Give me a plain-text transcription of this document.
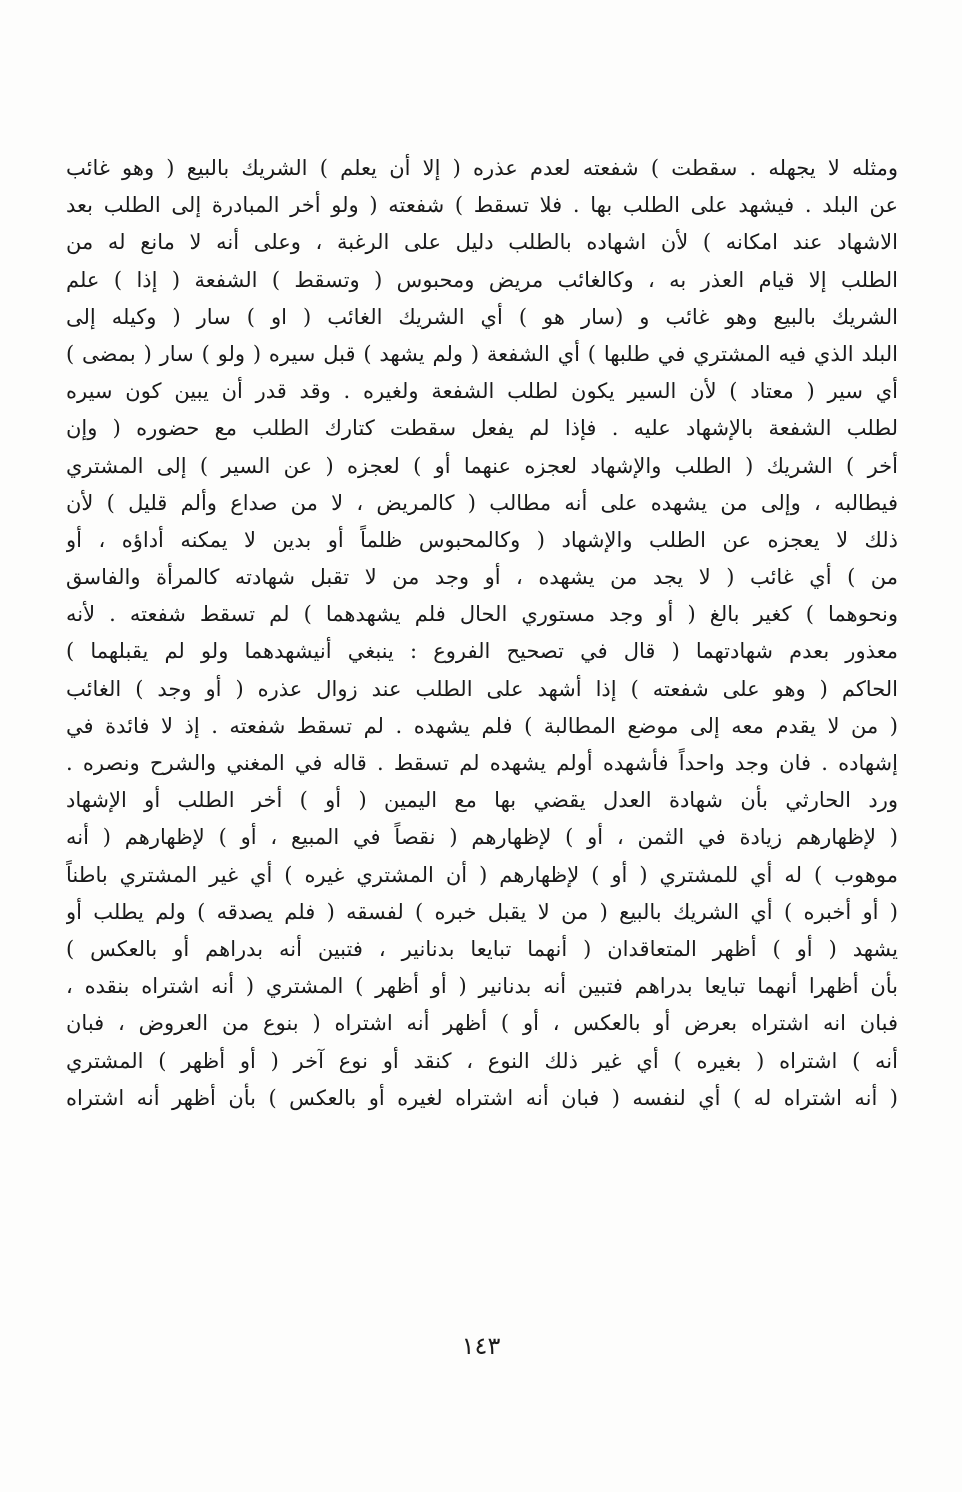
ومثله لا يجهله . سقطت ) شفعته لعدم عذره ( إلا أن يعلم ) الشريك بالبيع ( وهو غائب
عن البلد . فيشهد على الطلب بها . فلا تسقط ) شفعته ( ولو أخر المبادرة إلى الطلب بعد
الاشهاد عند امكانه ) لأن اشهاده بالطلب دليل على الرغبة ، وعلى أنه لا مانع له من
الطلب إلا قيام العذر به ، وكالغائب مريض ومحبوس ( وتسقط ) الشفعة ( إذا ) علم
الشريك بالبيع وهو غائب و (سار هو ) أي الشريك الغائب ( او ) سار ( وكيله إلى
البلد الذي فيه المشتري في طلبها ) أي الشفعة ( ولم يشهد ) قبل سيره ( ولو ) سار ( بمضى )
أي سير ( معتاد ) لأن السير يكون لطلب الشفعة ولغيره . وقد قدر أن يبين كون سيره
لطلب الشفعة بالإشهاد عليه . فإذا لم يفعل سقطت كتارك الطلب مع حضوره ( وإن
أخر ) الشريك ( الطلب والإشهاد لعجزه عنهما أو ) لعجزه ( عن السير ) إلى المشتري
فيطالبه ، وإلى من يشهده على أنه مطالب ( كالمريض ، لا من صداع وألم قليل ) لأن
ذلك لا يعجزه عن الطلب والإشهاد ( وكالمحبوس ظلماً أو بدين لا يمكنه أداؤه ، أو
من ) أي غائب ( لا يجد من يشهده ، أو وجد من لا تقبل شهادته كالمرأة والفاسق
ونحوهما ) كغير بالغ ( أو وجد مستوري الحال فلم يشهدهما ) لم تسقط شفعته . لأنه
معذور بعدم شهادتهما ( قال في تصحيح الفروع : ينبغي أنيشهدهما ولو لم يقبلهما )
الحاكم ( وهو على شفعته ) إذا أشهد على الطلب عند زوال عذره ( أو وجد ) الغائب
( من لا يقدم معه إلى موضع المطالبة ) فلم يشهده . لم تسقط شفعته . إذ لا فائدة في
إشهاده . فان وجد واحداً فأشهده أولم يشهده لم تسقط . قاله في المغني والشرح ونصره .
ورد الحارثي بأن شهادة العدل يقضي بها مع اليمين ( أو ) أخر الطلب أو الإشهاد
( لإظهارهم زيادة في الثمن ، أو ) لإظهارهم ( نقصاً في المبيع ، أو ) لإظهارهم ( أنه
موهوب ) له أي للمشتري ( أو ) لإظهارهم ( أن المشتري غيره ) أي غير المشتري باطناً
( أو أخبره ) أي الشريك بالبيع ( من لا يقبل خبره ) لفسقه ( فلم يصدقه ) ولم يطلب أو
يشهد ( أو ) أظهر المتعاقدان ( أنهما تبايعا بدنانير ، فتبين أنه بدراهم أو بالعكس )
بأن أظهرا أنهما تبايعا بدراهم فتبين أنه بدنانير ( أو أظهر ) المشتري ( أنه اشتراه بنقده ،
فبان انه اشتراه بعرض أو بالعكس ، أو ) أظهر أنه اشتراه ( بنوع من العروض ، فبان
أنه ) اشتراه ( بغيره ) أي غير ذلك النوع ، كنقد أو نوع آخر ( أو أظهر ) المشتري
( أنه اشتراه له ) أي لنفسه ( فبان أنه اشتراه لغيره أو بالعكس ) بأن أظهر أنه اشتراه
١٤٣
